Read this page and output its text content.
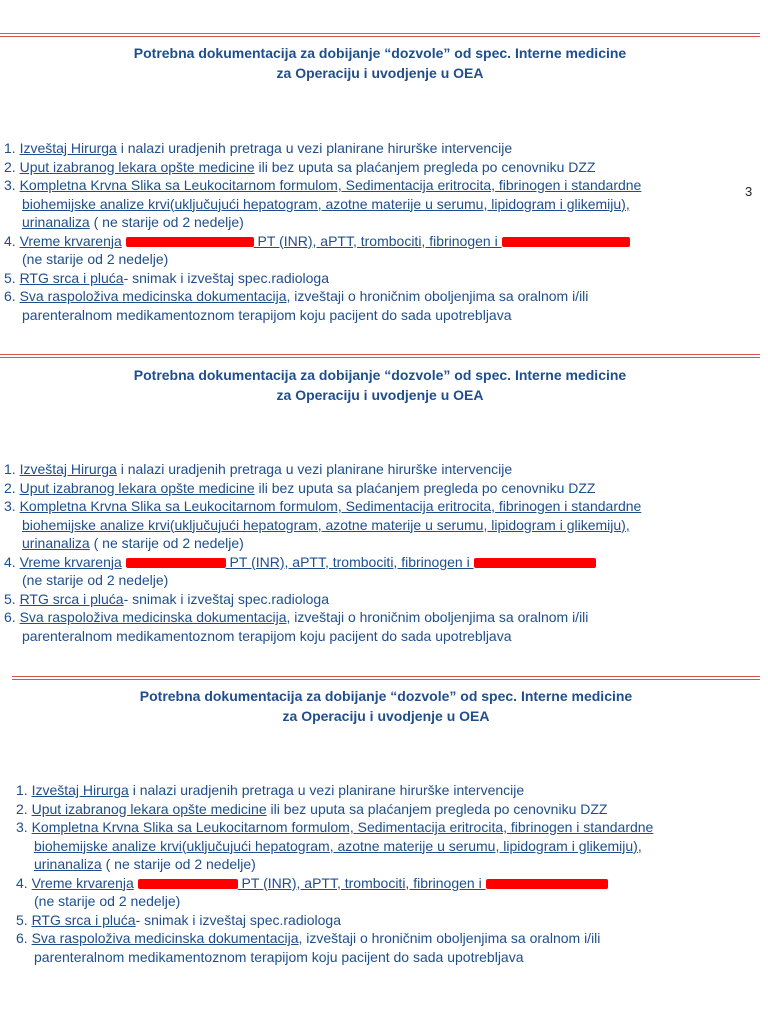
Potrebna dokumentacija za dobijanje “dozvole” od spec. Interne medicine
za Operaciju i uvodjenje u OEA
1. Izveštaj Hirurga i nalazi uradjenih pretraga u vezi planirane hirurške intervencije
2. Uput izabranog lekara opšte medicine ili bez uputa sa plaćanjem pregleda po cenovniku DZZ
3. Kompletna Krvna Slika sa Leukocitarnom formulom, Sedimentacija eritrocita, fibrinogen i standardne
biohemijske analize krvi(uključujući hepatogram, azotne materije u serumu, lipidogram i glikemiju),
urinanaliza ( ne starije od 2 nedelje)
4. Vreme krvarenja	PT (INR), aPTT, trombociti, fibrinogen i
(ne starije od 2 nedelje)
5. RTG srca i pluća- snimak i izveštaj spec.radiologa
6. Sva raspoloživa medicinska dokumentacija, izveštaji o hroničnim oboljenjima sa oralnom i/ili
parenteralnom medikamentoznom terapijom koju pacijent do sada upotrebljava
3
Potrebna dokumentacija za dobijanje “dozvole” od spec. Interne medicine
za Operaciju i uvodjenje u OEA
1. Izveštaj Hirurga i nalazi uradjenih pretraga u vezi planirane hirurške intervencije
2. Uput izabranog lekara opšte medicine ili bez uputa sa plaćanjem pregleda po cenovniku DZZ
3. Kompletna Krvna Slika sa Leukocitarnom formulom, Sedimentacija eritrocita, fibrinogen i standardne
biohemijske analize krvi(uključujući hepatogram, azotne materije u serumu, lipidogram i glikemiju),
urinanaliza ( ne starije od 2 nedelje)
4. Vreme krvarenja	PT (INR), aPTT, trombociti, fibrinogen i
(ne starije od 2 nedelje)
5. RTG srca i pluća- snimak i izveštaj spec.radiologa
6. Sva raspoloživa medicinska dokumentacija, izveštaji o hroničnim oboljenjima sa oralnom i/ili
parenteralnom medikamentoznom terapijom koju pacijent do sada upotrebljava
Potrebna dokumentacija za dobijanje “dozvole” od spec. Interne medicine
za Operaciju i uvodjenje u OEA
1. Izveštaj Hirurga i nalazi uradjenih pretraga u vezi planirane hirurške intervencije
2. Uput izabranog lekara opšte medicine ili bez uputa sa plaćanjem pregleda po cenovniku DZZ
3. Kompletna Krvna Slika sa Leukocitarnom formulom, Sedimentacija eritrocita, fibrinogen i standardne
biohemijske analize krvi(uključujući hepatogram, azotne materije u serumu, lipidogram i glikemiju),
urinanaliza ( ne starije od 2 nedelje)
4. Vreme krvarenja	PT (INR), aPTT, trombociti, fibrinogen i
(ne starije od 2 nedelje)
5. RTG srca i pluća- snimak i izveštaj spec.radiologa
6. Sva raspoloživa medicinska dokumentacija, izveštaji o hroničnim oboljenjima sa oralnom i/ili
parenteralnom medikamentoznom terapijom koju pacijent do sada upotrebljava
